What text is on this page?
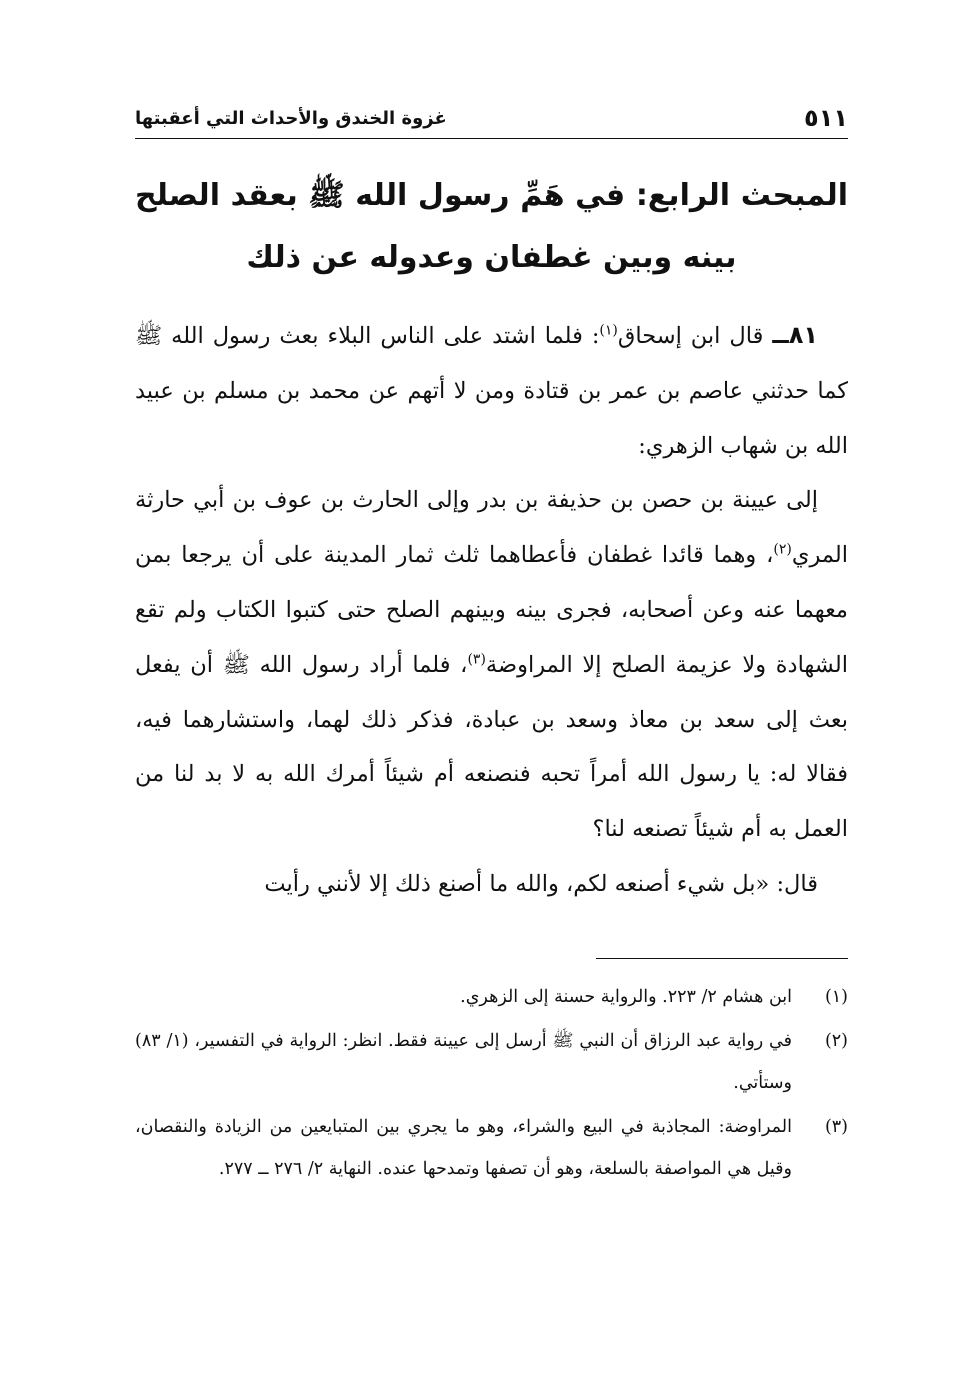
٥١١
غزوة الخندق والأحداث التي أعقبتها
المبحث الرابع: في هَمِّ رسول الله ﷺ بعقد الصلح بينه وبين غطفان وعدوله عن ذلك

٨١ــ قال ابن إسحاق$^{(١)}$: فلما اشتد على الناس البلاء بعث رسول الله ﷺ كما حدثني عاصم بن عمر بن قتادة ومن لا أتهم عن محمد بن مسلم بن عبيد الله بن شهاب الزهري:

إلى عيينة بن حصن بن حذيفة بن بدر وإلى الحارث بن عوف بن أبي حارثة المري$^{(٢)}$، وهما قائدا غطفان فأعطاهما ثلث ثمار المدينة على أن يرجعا بمن معهما عنه وعن أصحابه، فجرى بينه وبينهم الصلح حتى كتبوا الكتاب ولم تقع الشهادة ولا عزيمة الصلح إلا المراوضة$^{(٣)}$، فلما أراد رسول الله ﷺ أن يفعل بعث إلى سعد بن معاذ وسعد بن عبادة، فذكر ذلك لهما، واستشارهما فيه، فقالا له: يا رسول الله أمراً تحبه فنصنعه أم شيئاً أمرك الله به لا بد لنا من العمل به أم شيئاً تصنعه لنا؟

قال: «بل شيء أصنعه لكم، والله ما أصنع ذلك إلا لأنني رأيت

(١)
ابن هشام ٢/ ٢٢٣. والرواية حسنة إلى الزهري.
(٢)
في رواية عبد الرزاق أن النبي ﷺ أرسل إلى عيينة فقط. انظر: الرواية في التفسير، (١/ ٨٣) وستأتي.
(٣)
المراوضة: المجاذبة في البيع والشراء، وهو ما يجري بين المتبايعين من الزيادة والنقصان، وقيل هي المواصفة بالسلعة، وهو أن تصفها وتمدحها عنده. النهاية ٢/ ٢٧٦ ــ ٢٧٧.
